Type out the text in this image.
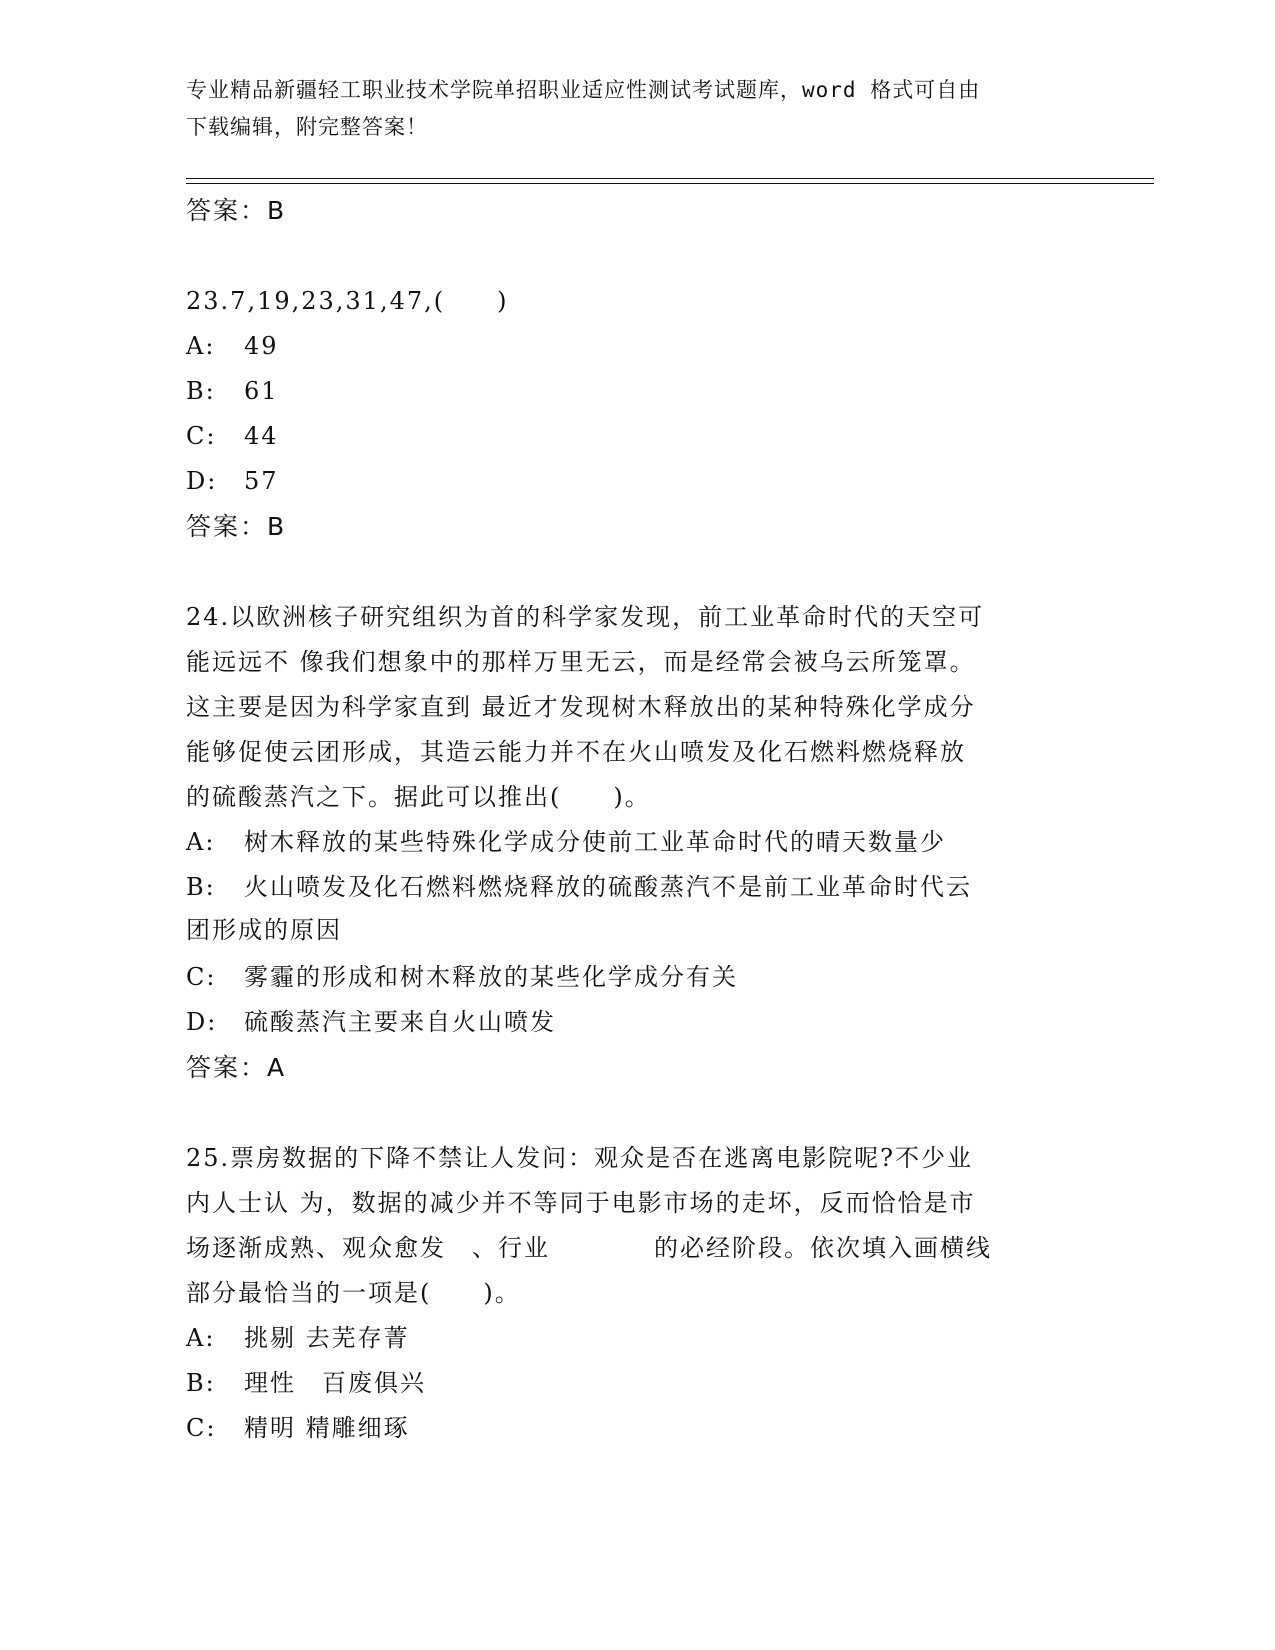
专业精品新疆轻工职业技术学院单招职业适应性测试考试题库，word 格式可自由
下载编辑，附完整答案！
答案：B
23.7,19,23,31,47,(　　)
A:	49
B:	61
C:	44
D:	57
答案：B
24.以欧洲核子研究组织为首的科学家发现，前工业革命时代的天空可
能远远不 像我们想象中的那样万里无云，而是经常会被乌云所笼罩。
这主要是因为科学家直到 最近才发现树木释放出的某种特殊化学成分
能够促使云团形成，其造云能力并不在火山喷发及化石燃料燃烧释放
的硫酸蒸汽之下。据此可以推出(　　)。
A:	树木释放的某些特殊化学成分使前工业革命时代的晴天数量少
B: 火山喷发及化石燃料燃烧释放的硫酸蒸汽不是前工业革命时代云
团形成的原因
C:	雾霾的形成和树木释放的某些化学成分有关
D:	硫酸蒸汽主要来自火山喷发
答案：A
25.票房数据的下降不禁让人发问：观众是否在逃离电影院呢?不少业
内人士认 为，数据的减少并不等同于电影市场的走坏，反而恰恰是市
场逐渐成熟、观众愈发　、行业　　　　的必经阶段。依次填入画横线
部分最恰当的一项是(　　)。
A:	挑剔 去芜存菁
B:	理性　百废俱兴
C:	精明 精雕细琢
